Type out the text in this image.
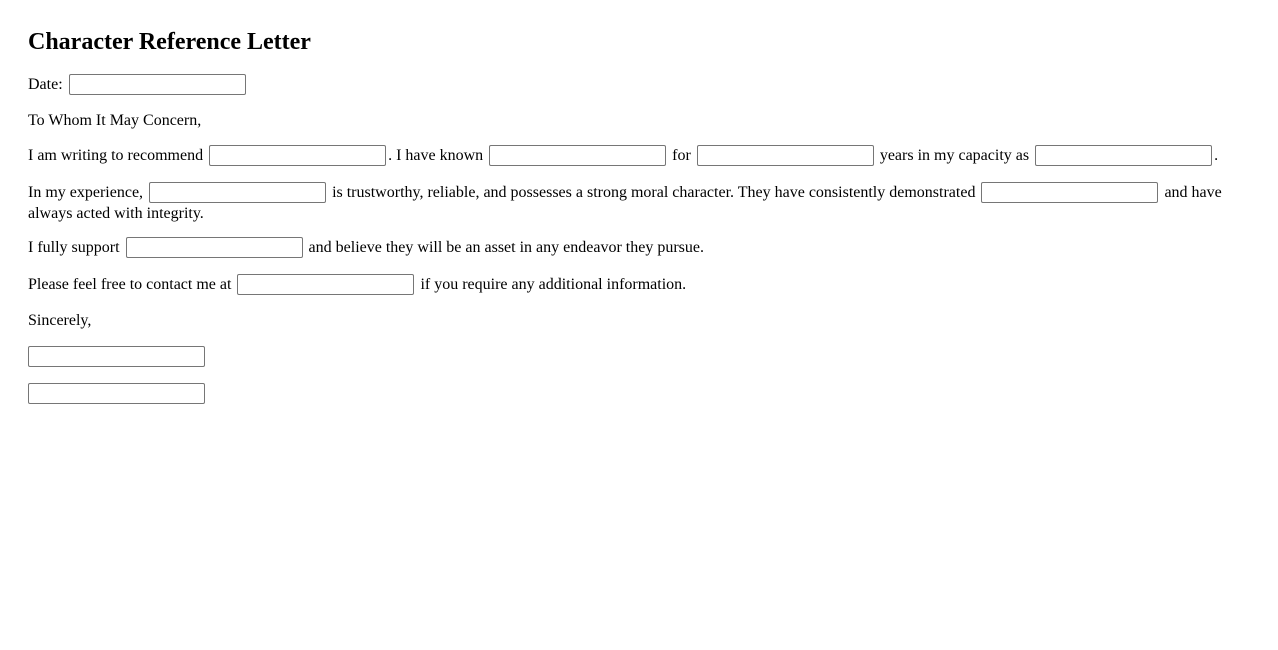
Character Reference Letter
Date:
To Whom It May Concern,
I am writing to recommend	. I have known	for	years in my capacity as	.
In my experience,	is trustworthy, reliable, and possesses a strong moral character. They have consistently demonstrated	and have always acted with integrity.
I fully support	and believe they will be an asset in any endeavor they pursue.
Please feel free to contact me at	if you require any additional information.
Sincerely,
